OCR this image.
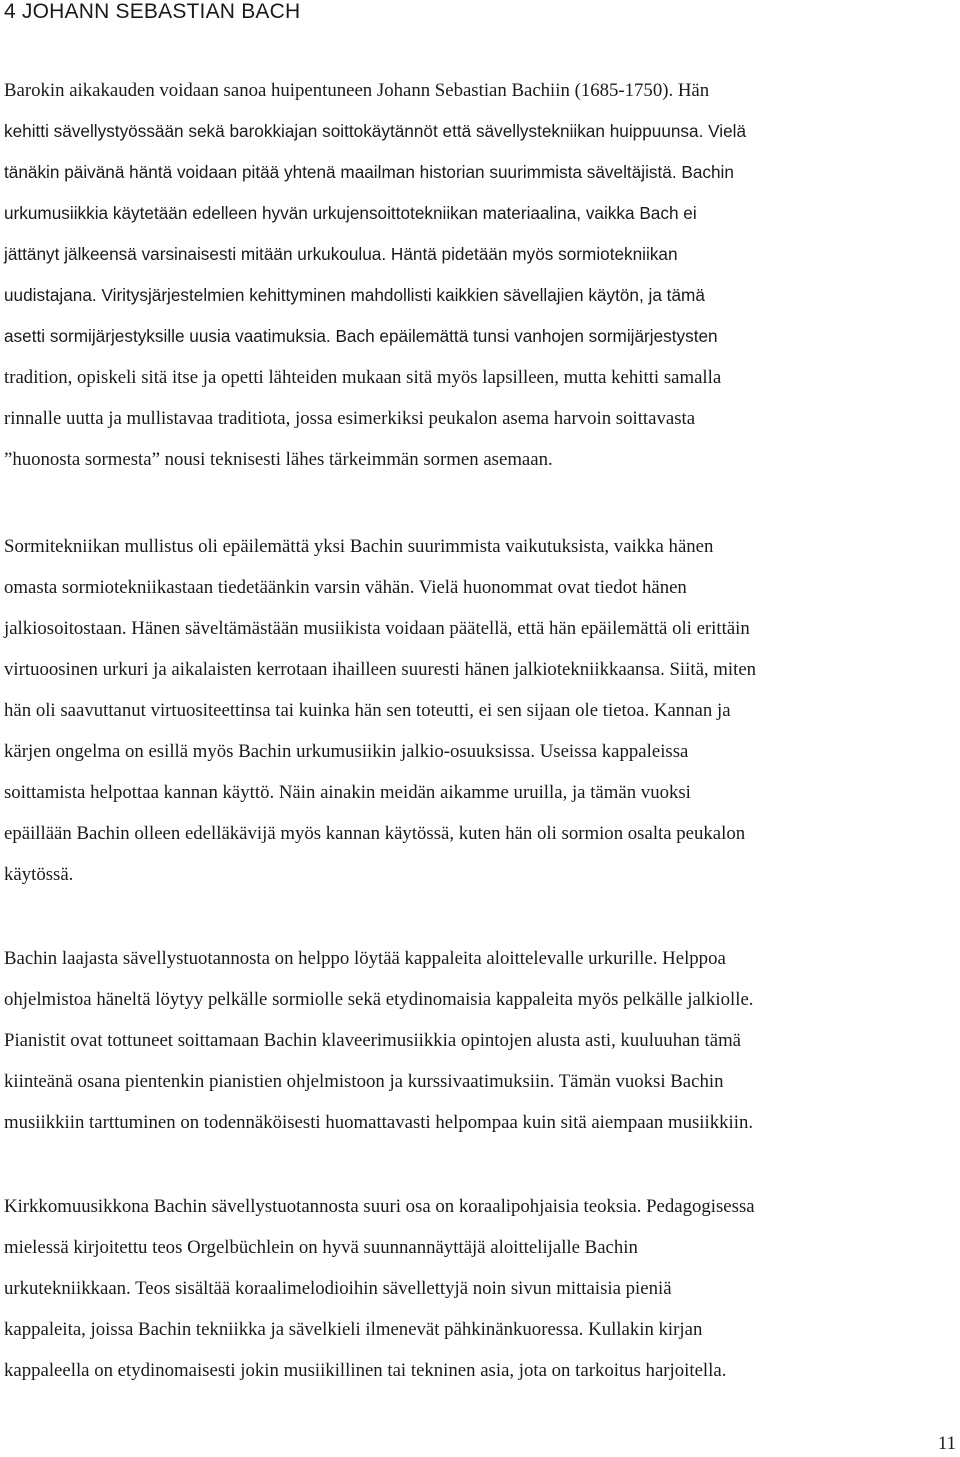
4 JOHANN SEBASTIAN BACH
Barokin aikakauden voidaan sanoa huipentuneen Johann Sebastian Bachiin (1685-1750). Hän
kehitti sävellystyössään sekä barokkiajan soittokäytännöt että sävellystekniikan huippuunsa. Vielä
tänäkin päivänä häntä voidaan pitää yhtenä maailman historian suurimmista säveltäjistä. Bachin
urkumusiikkia käytetään edelleen hyvän urkujensoittotekniikan materiaalina, vaikka Bach ei
jättänyt jälkeensä varsinaisesti mitään urkukoulua. Häntä pidetään myös sormiotekniikan
uudistajana. Viritysjärjestelmien kehittyminen mahdollisti kaikkien sävellajien käytön, ja tämä
asetti sormijärjestyksille uusia vaatimuksia. Bach epäilemättä tunsi vanhojen sormijärjestysten
tradition, opiskeli sitä itse ja opetti lähteiden mukaan sitä myös lapsilleen, mutta kehitti samalla
rinnalle uutta ja mullistavaa traditiota, jossa esimerkiksi peukalon asema harvoin soittavasta
”huonosta sormesta” nousi teknisesti lähes tärkeimmän sormen asemaan.
Sormitekniikan mullistus oli epäilemättä yksi Bachin suurimmista vaikutuksista, vaikka hänen
omasta sormiotekniikastaan tiedetäänkin varsin vähän. Vielä huonommat ovat tiedot hänen
jalkiosoitostaan. Hänen säveltämästään musiikista voidaan päätellä, että hän epäilemättä oli erittäin
virtuoosinen urkuri ja aikalaisten kerrotaan ihailleen suuresti hänen jalkiotekniikkaansa. Siitä, miten
hän oli saavuttanut virtuositeettinsa tai kuinka hän sen toteutti, ei sen sijaan ole tietoa. Kannan ja
kärjen ongelma on esillä myös Bachin urkumusiikin jalkio-osuuksissa. Useissa kappaleissa
soittamista helpottaa kannan käyttö. Näin ainakin meidän aikamme uruilla, ja tämän vuoksi
epäillään Bachin olleen edelläkävijä myös kannan käytössä, kuten hän oli sormion osalta peukalon
käytössä.
Bachin laajasta sävellystuotannosta on helppo löytää kappaleita aloittelevalle urkurille. Helppoa
ohjelmistoa häneltä löytyy pelkälle sormiolle sekä etydinomaisia kappaleita myös pelkälle jalkiolle.
Pianistit ovat tottuneet soittamaan Bachin klaveerimusiikkia opintojen alusta asti, kuuluuhan tämä
kiinteänä osana pientenkin pianistien ohjelmistoon ja kurssivaatimuksiin. Tämän vuoksi Bachin
musiikkiin tarttuminen on todennäköisesti huomattavasti helpompaa kuin sitä aiempaan musiikkiin.
Kirkkomuusikkona Bachin sävellystuotannosta suuri osa on koraalipohjaisia teoksia. Pedagogisessa
mielessä kirjoitettu teos Orgelbüchlein on hyvä suunnannäyttäjä aloittelijalle Bachin
urkutekniikkaan. Teos sisältää koraalimelodioihin sävellettyjä noin sivun mittaisia pieniä
kappaleita, joissa Bachin tekniikka ja sävelkieli ilmenevät pähkinänkuoressa. Kullakin kirjan
kappaleella on etydinomaisesti jokin musiikillinen tai tekninen asia, jota on tarkoitus harjoitella.
11
